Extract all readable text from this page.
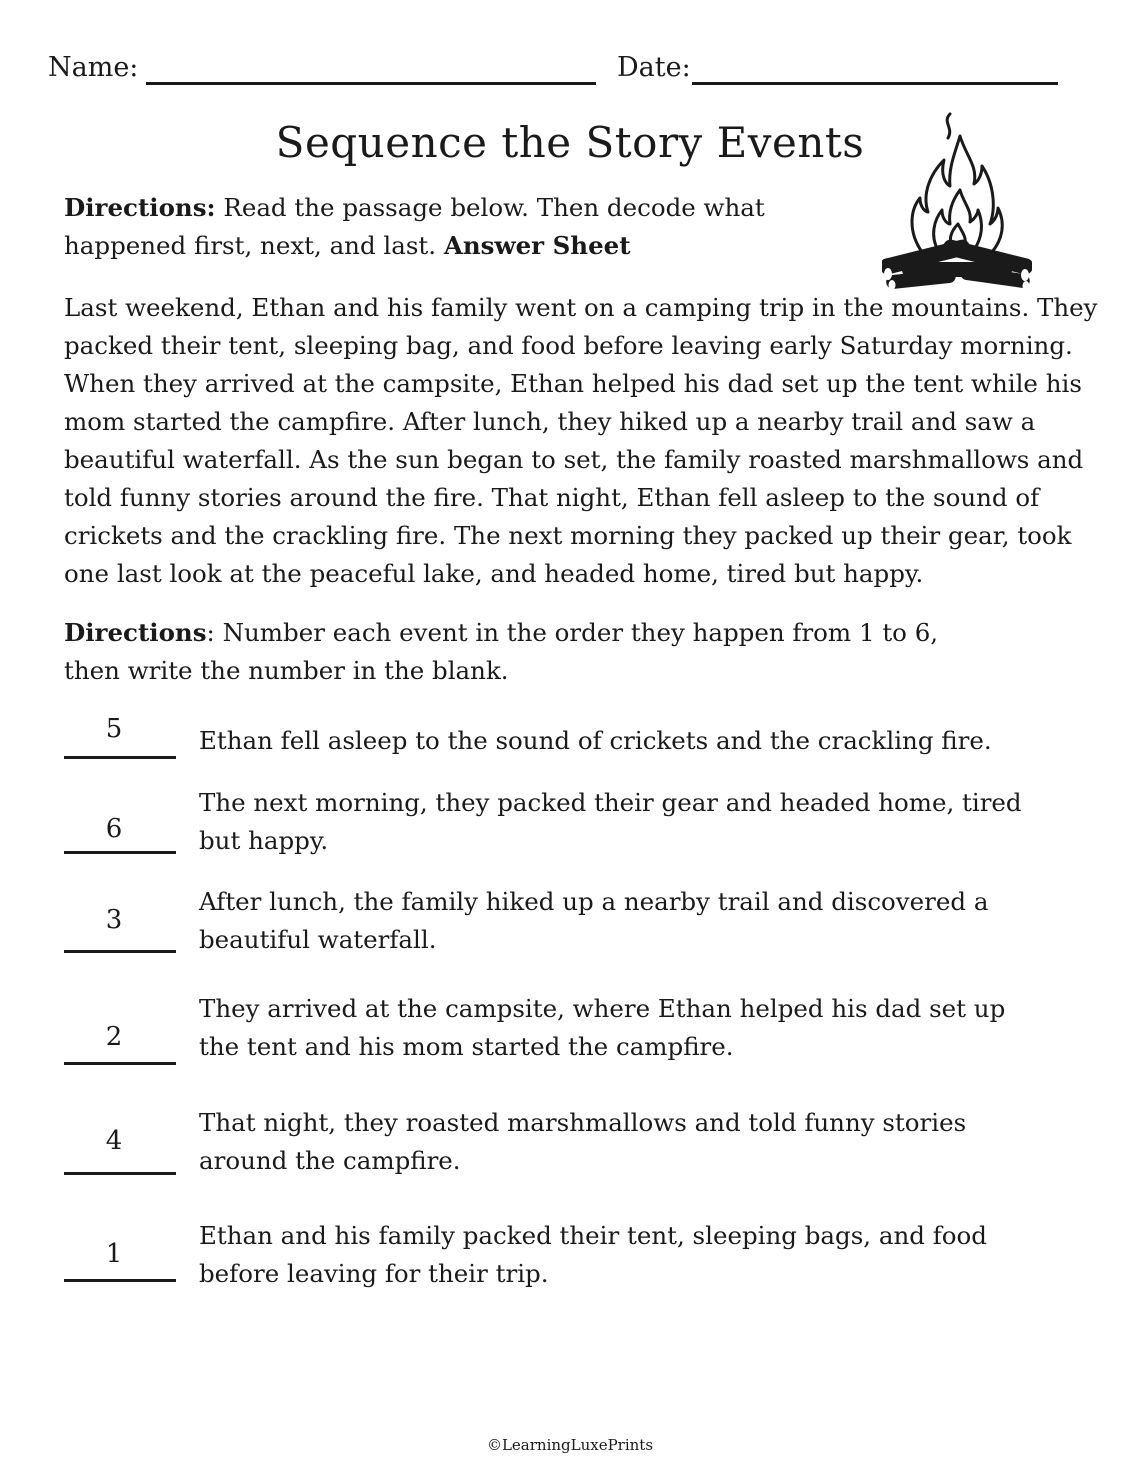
Name:	Date:
Sequence the Story Events
Directions: Read the passage below. Then decode what happened first, next, and last. Answer Sheet
Last weekend, Ethan and his family went on a camping trip in the mountains. They packed their tent, sleeping bag, and food before leaving early Saturday morning. When they arrived at the campsite, Ethan helped his dad set up the tent while his mom started the campfire. After lunch, they hiked up a nearby trail and saw a beautiful waterfall. As the sun began to set, the family roasted marshmallows and told funny stories around the fire. That night, Ethan fell asleep to the sound of crickets and the crackling fire. The next morning they packed up their gear, took one last look at the peaceful lake, and headed home, tired but happy.
Directions: Number each event in the order they happen from 1 to 6, then write the number in the blank.
5	Ethan fell asleep to the sound of crickets and the crackling fire.
6
The next morning, they packed their gear and headed home, tired but happy.
3
After lunch, the family hiked up a nearby trail and discovered a beautiful waterfall.
2
They arrived at the campsite, where Ethan helped his dad set up the tent and his mom started the campfire.
4
That night, they roasted marshmallows and told funny stories around the campfire.
1
Ethan and his family packed their tent, sleeping bags, and food before leaving for their trip.
©LearningLuxePrints
